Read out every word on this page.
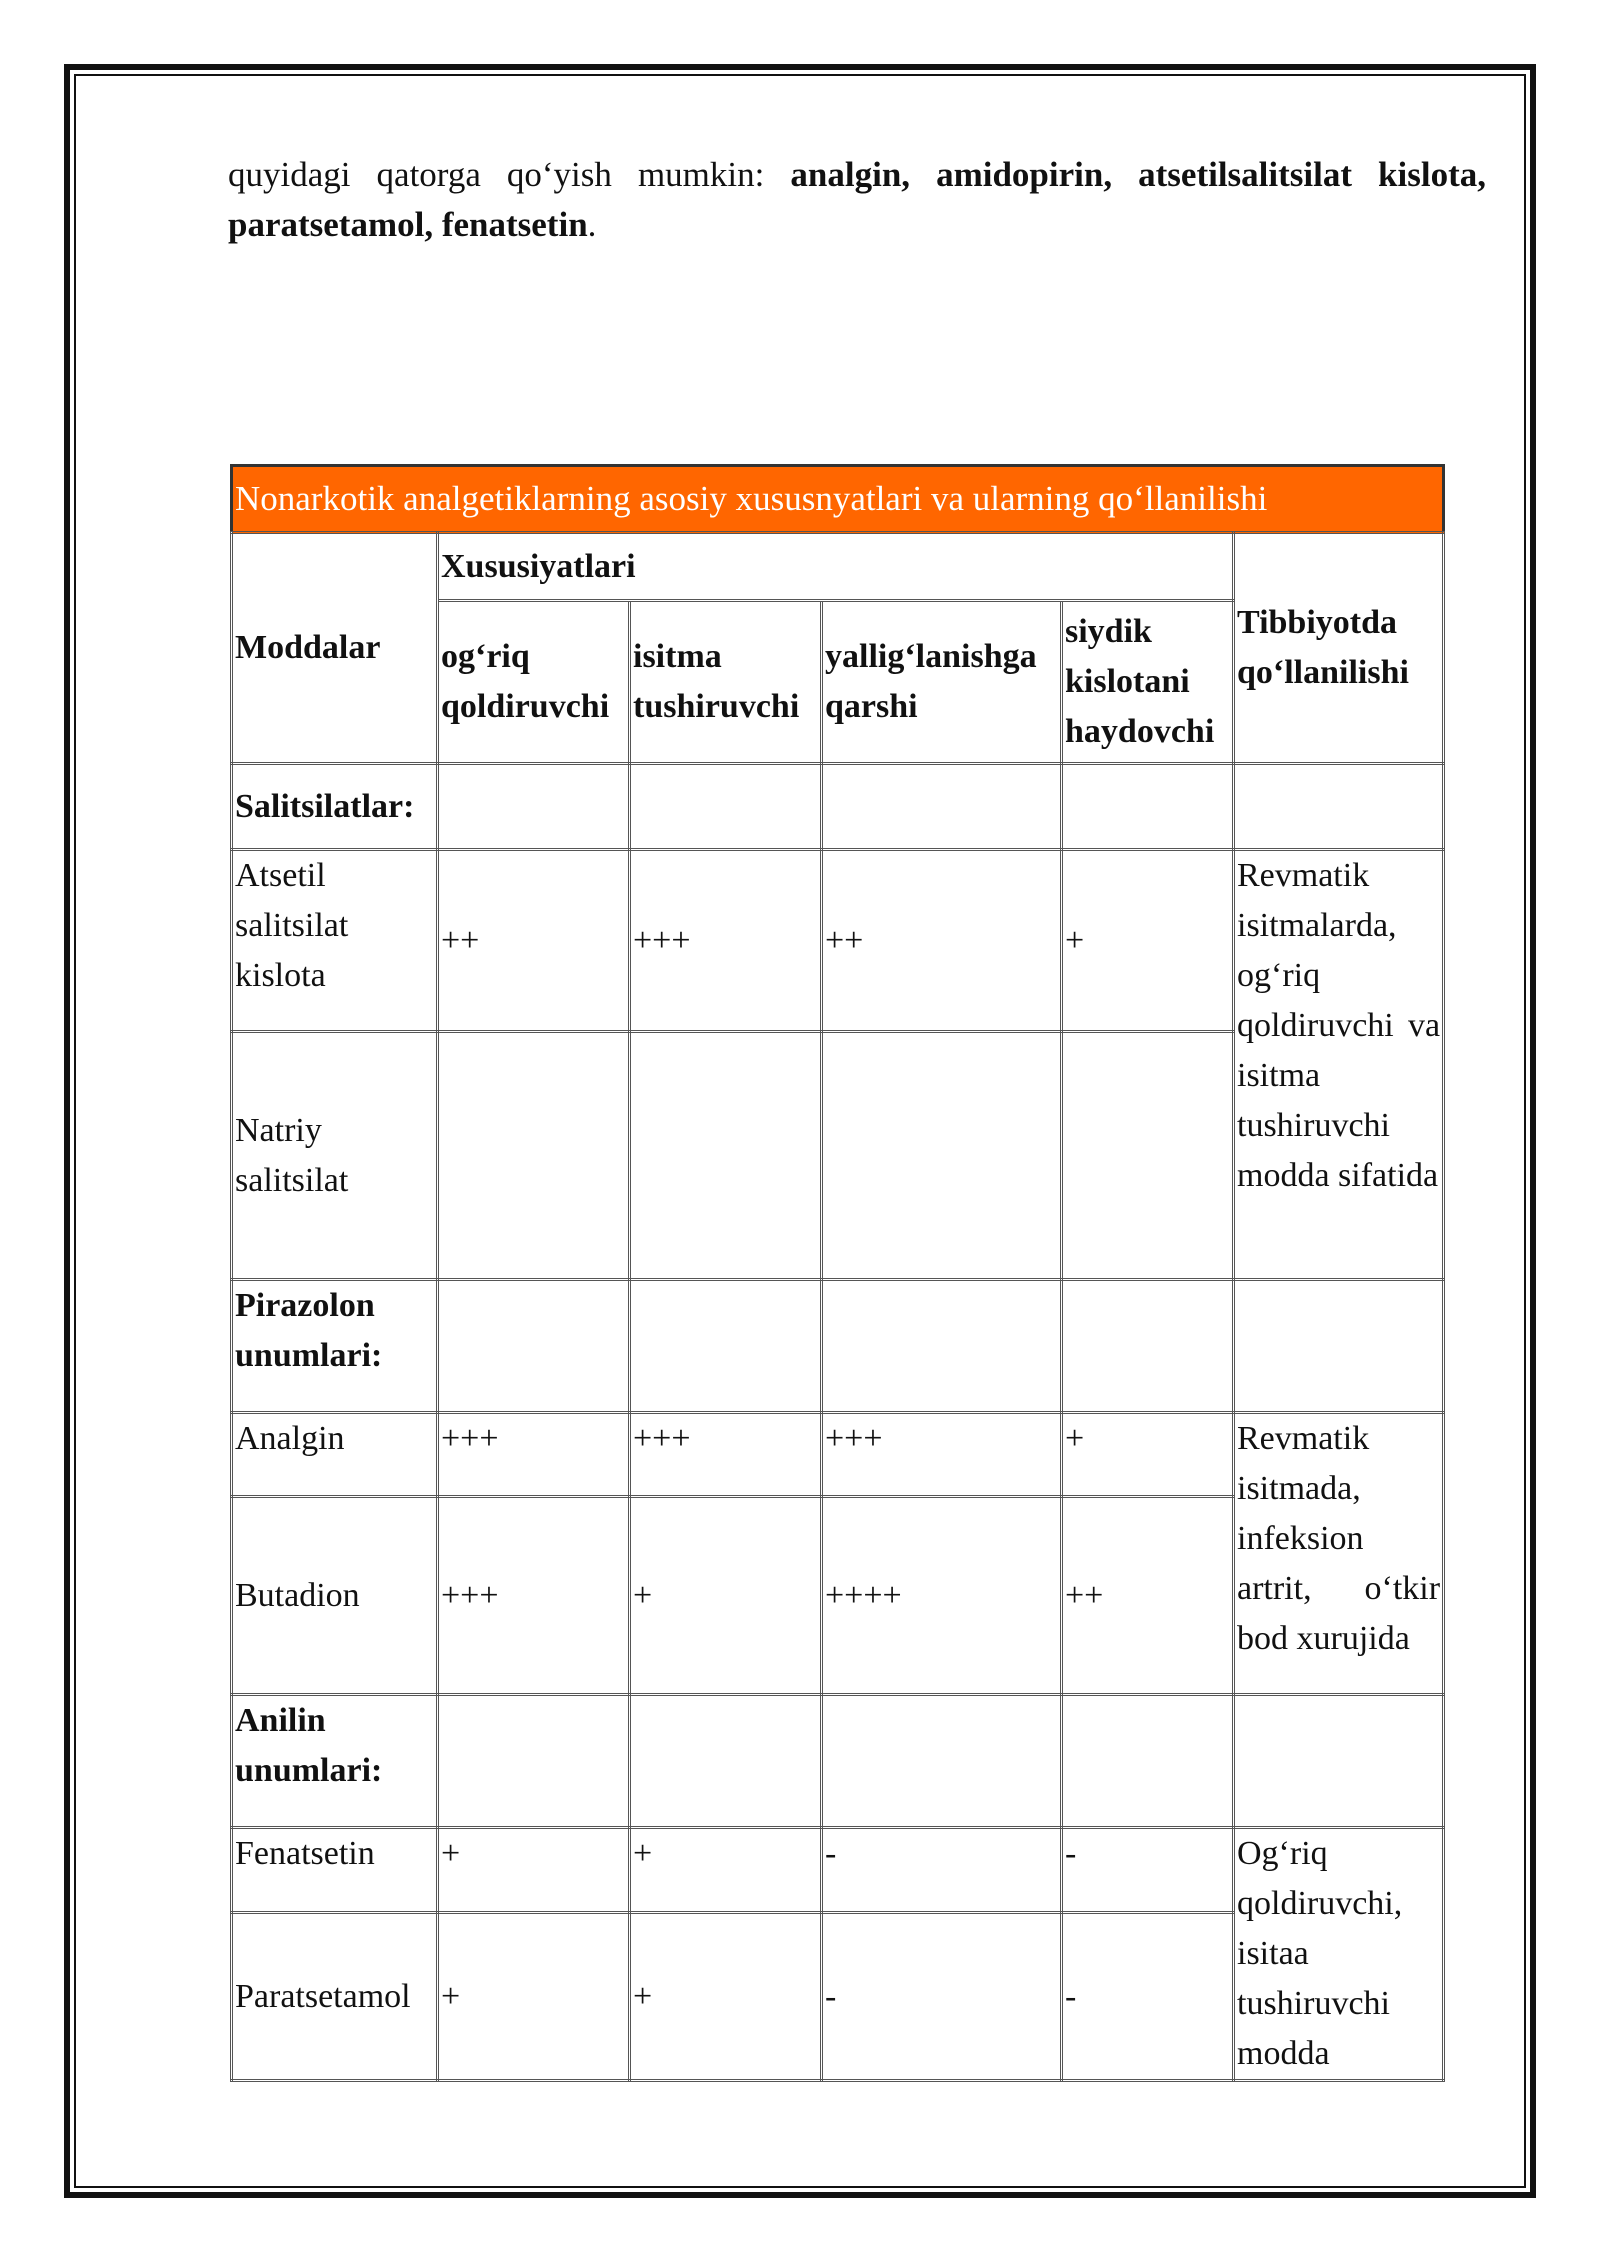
quyidagi qatorga qo‘yish mumkin: analgin, amidopirin, atsetilsalitsilat kislota, paratsetamol, fenatsetin.

Nonarkotik analgetiklarning asosiy xususnyatlari va ularning qo‘llanilishi					
Moddalar	Xususiyatlari				Tibbiyotda qo‘llanilishi
	og‘riq qoldiruvchi	isitma tushiruvchi	yallig‘lanishga qarshi	siydik kislotani haydovchi	
Salitsilatlar:					
Atsetil salitsilat kislota	++	+++	++	+	Revmatik isitmalarda, og‘riq qoldiruvchi va isitma tushiruvchi modda sifatida
Natriy salitsilat					
Pirazolon unumlari:					
Analgin	+++	+++	+++	+	Revmatik isitmada, infeksion artrit, o‘tkir bod xurujida
Butadion	+++	+	++++	++	
Anilin unumlari:					
Fenatsetin	+	+	-	-	Og‘riq qoldiruvchi, isitaa tushiruvchi modda
Paratsetamol	+	+	-	-	
